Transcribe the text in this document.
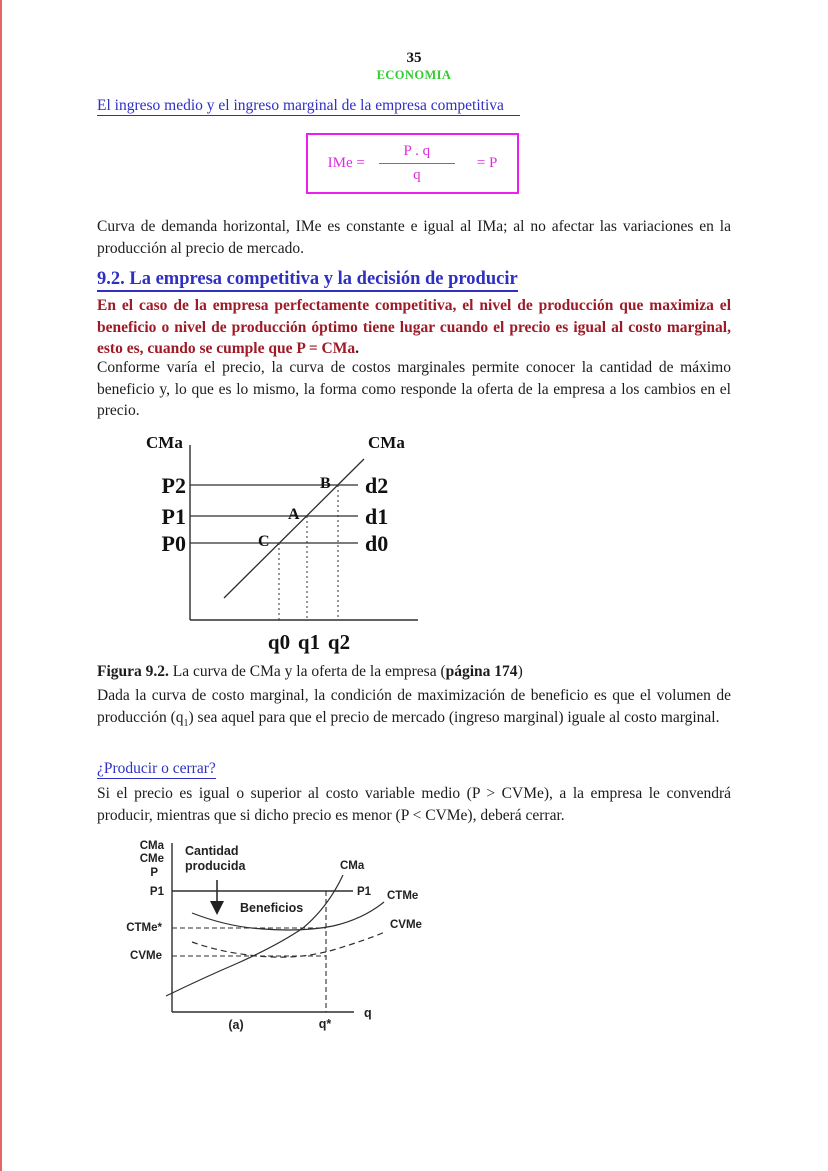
35
ECONOMIA
El ingreso medio y el ingreso marginal de la empresa competitiva
IMe = $\frac{P . q}{q} = P$
Curva de demanda horizontal, IMe es constante e igual al IMa; al no afectar las variaciones en la producción al precio de mercado.
9.2. La empresa competitiva y la decisión de producir
En el caso de la empresa perfectamente competitiva, el nivel de producción que maximiza el beneficio o nivel de producción óptimo tiene lugar cuando el precio es igual al costo marginal, esto es, cuando se cumple que P = CMa.
Conforme varía el precio, la curva de costos marginales permite conocer la cantidad de máximo beneficio y, lo que es lo mismo, la forma como responde la oferta de la empresa a los cambios en el precio.
CMa	CMa
P2
P1
P0
d2
d1
d0
B
A
C
q0 q1 q2
Figura 9.2. La curva de CMa y la oferta de la empresa (página 174)
Dada la curva de costo marginal, la condición de maximización de beneficio es que el volumen de producción $(q_1)$ sea aquel para que el precio de mercado (ingreso marginal) iguale al costo marginal.
¿Producir o cerrar?
Si el precio es igual o superior al costo variable medio (P > CVMe), a la empresa le convendrá producir, mientras que si dicho precio es menor (P < CVMe), deberá cerrar.
CMa
CMe
P
P1	P1
CMa
CTMe
CVMe
CTMe*
CVMe
Cantidad
producida
Beneficios
q
q*
(a)
